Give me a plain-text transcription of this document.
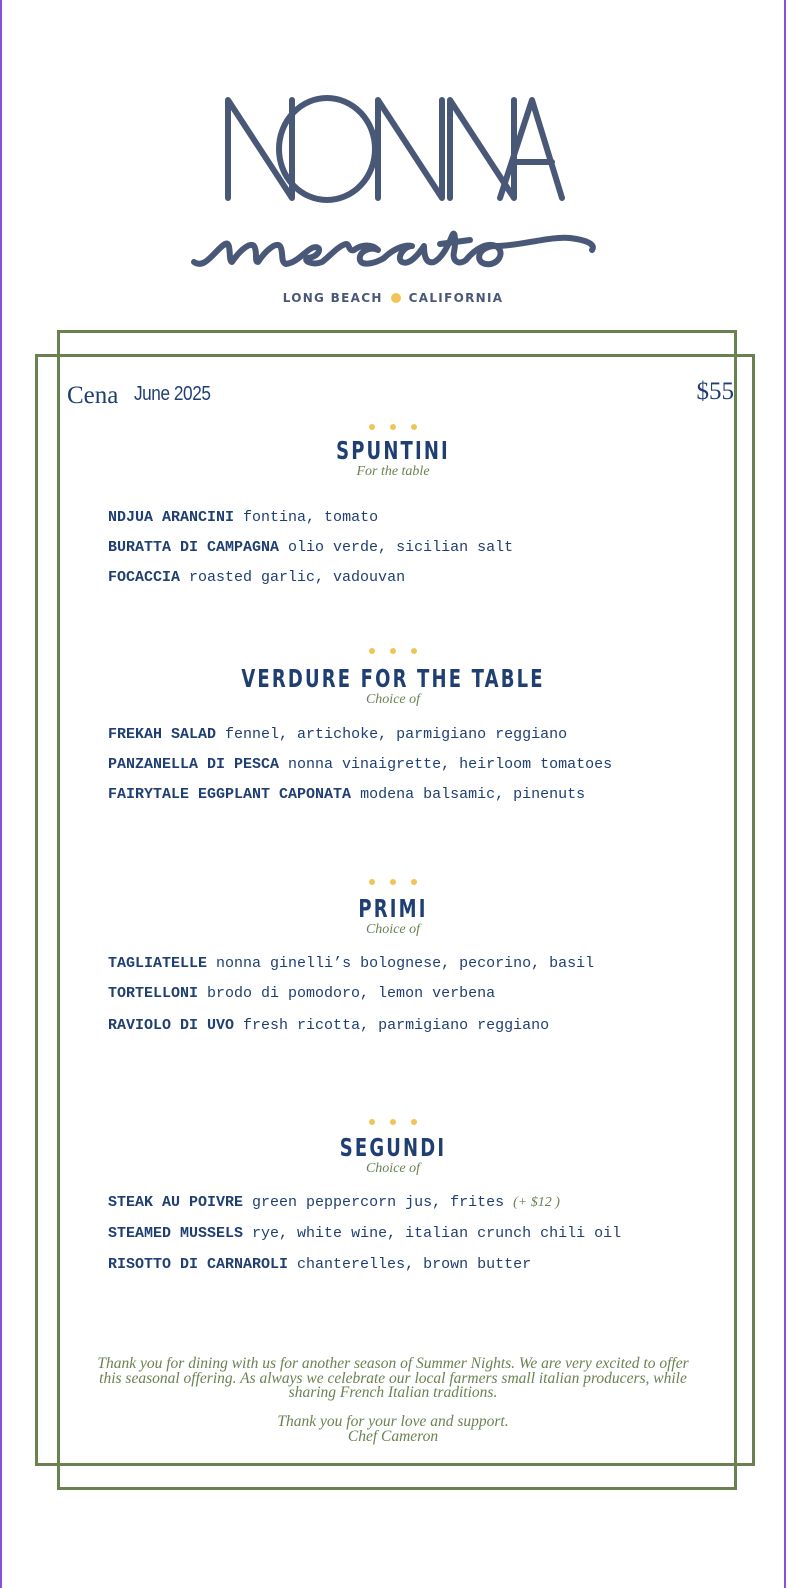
LONG BEACH CALIFORNIA
Cena June 2025	$55
SPUNTINI
For the table
NDJUA ARANCINI fontina, tomato
BURATTA DI CAMPAGNA olio verde, sicilian salt
FOCACCIA roasted garlic, vadouvan
VERDURE FOR THE TABLE
Choice of
FREKAH SALAD fennel, artichoke, parmigiano reggiano
PANZANELLA DI PESCA nonna vinaigrette, heirloom tomatoes
FAIRYTALE EGGPLANT CAPONATA modena balsamic, pinenuts
PRIMI
Choice of
TAGLIATELLE nonna ginelli’s bolognese, pecorino, basil
TORTELLONI brodo di pomodoro, lemon verbena
RAVIOLO DI UVO fresh ricotta, parmigiano reggiano
SEGUNDI
Choice of
STEAK AU POIVRE green peppercorn jus, frites (+ $12 )
STEAMED MUSSELS rye, white wine, italian crunch chili oil
RISOTTO DI CARNAROLI chanterelles, brown butter
Thank you for dining with us for another season of Summer Nights. We are very excited to offer
this seasonal offering. As always we celebrate our local farmers small italian producers, while
sharing French Italian traditions.
Thank you for your love and support.
Chef Cameron
